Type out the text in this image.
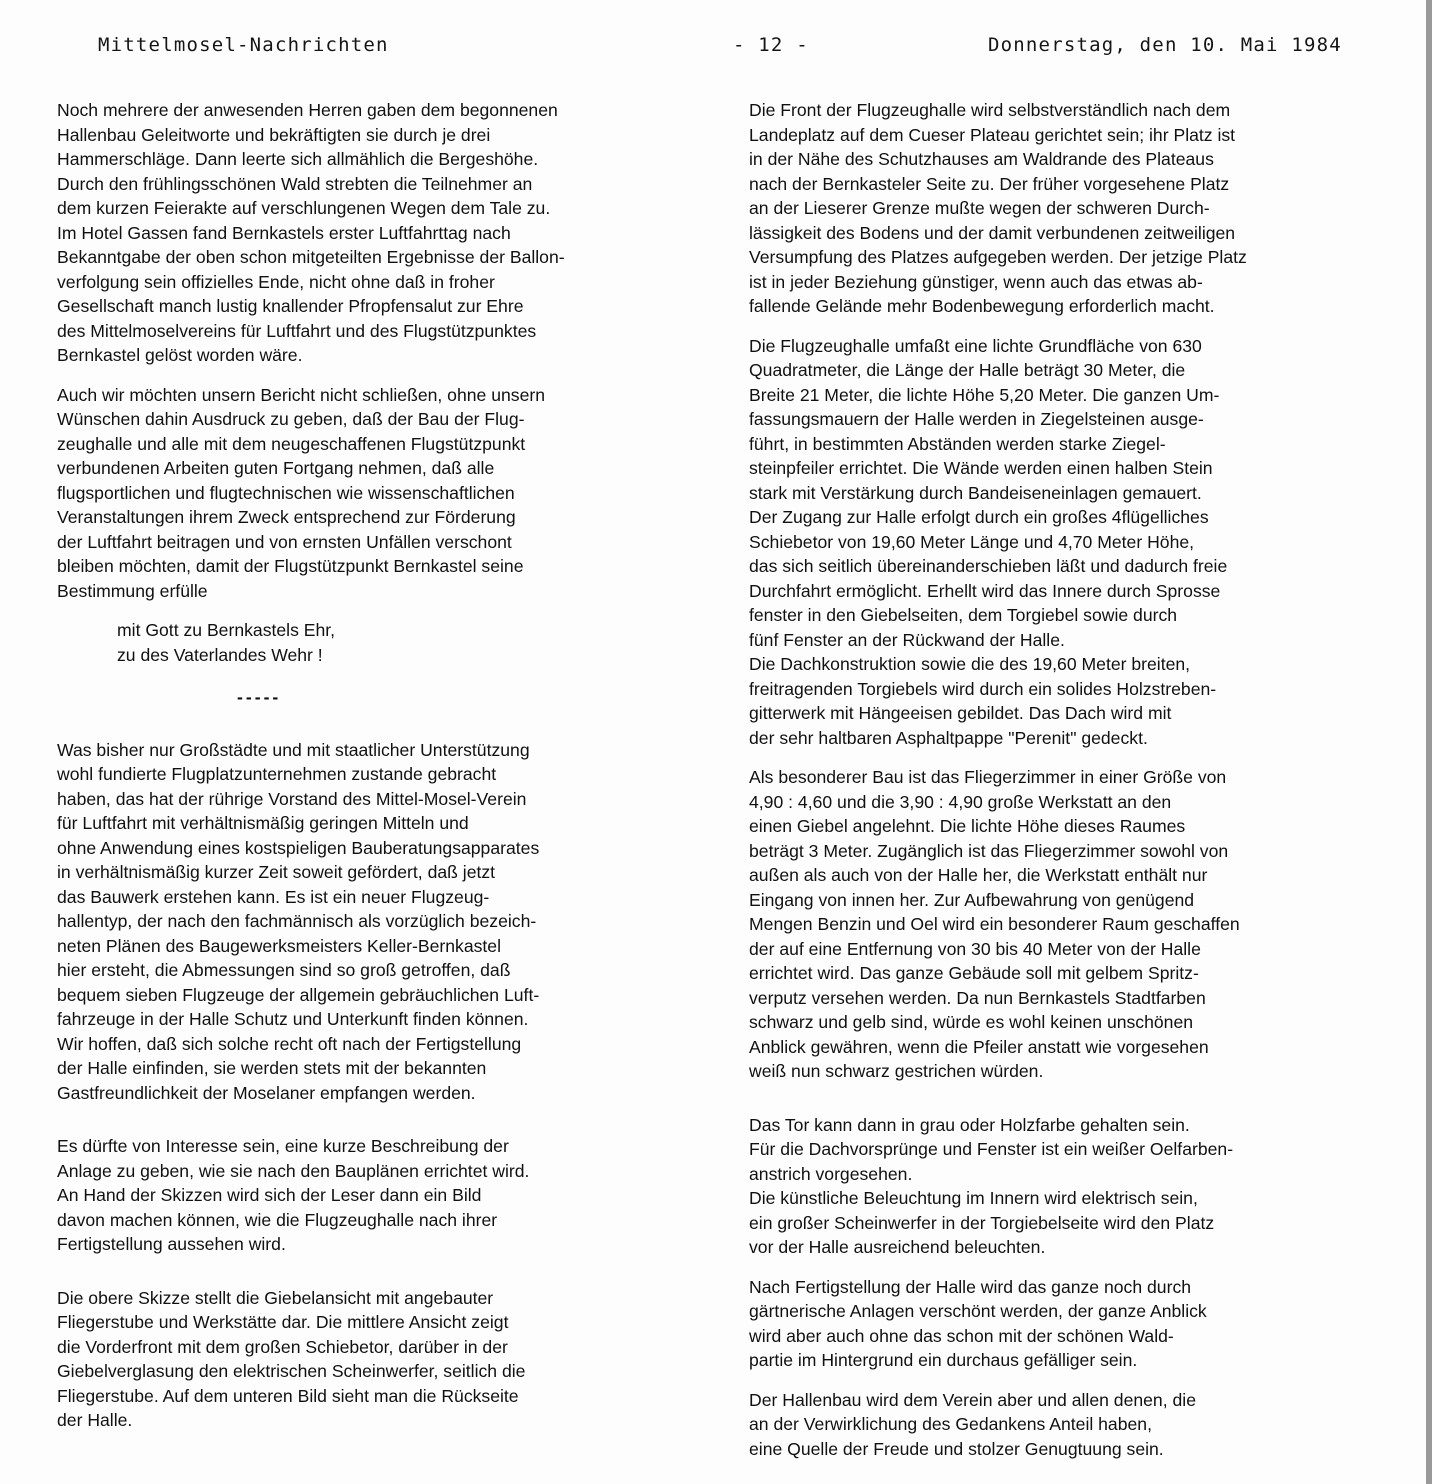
Mittelmosel-Nachrichten	- 12 -	Donnerstag, den 10. Mai 1984
Noch mehrere der anwesenden Herren gaben dem begonnenen
Hallenbau Geleitworte und bekräftigten sie durch je drei
Hammerschläge. Dann leerte sich allmählich die Bergeshöhe.
Durch den frühlingsschönen Wald strebten die Teilnehmer an
dem kurzen Feierakte auf verschlungenen Wegen dem Tale zu.
Im Hotel Gassen fand Bernkastels erster Luftfahrttag nach
Bekanntgabe der oben schon mitgeteilten Ergebnisse der Ballon-
verfolgung sein offizielles Ende, nicht ohne daß in froher
Gesellschaft manch lustig knallender Pfropfensalut zur Ehre
des Mittelmoselvereins für Luftfahrt und des Flugstützpunktes
Bernkastel gelöst worden wäre.
Auch wir möchten unsern Bericht nicht schließen, ohne unsern
Wünschen dahin Ausdruck zu geben, daß der Bau der Flug-
zeughalle und alle mit dem neugeschaffenen Flugstützpunkt
verbundenen Arbeiten guten Fortgang nehmen, daß alle
flugsportlichen und flugtechnischen wie wissenschaftlichen
Veranstaltungen ihrem Zweck entsprechend zur Förderung
der Luftfahrt beitragen und von ernsten Unfällen verschont
bleiben möchten, damit der Flugstützpunkt Bernkastel seine
Bestimmung erfülle
mit Gott zu Bernkastels Ehr,
zu des Vaterlandes Wehr !
-----
Was bisher nur Großstädte und mit staatlicher Unterstützung
wohl fundierte Flugplatzunternehmen zustande gebracht
haben, das hat der rührige Vorstand des Mittel-Mosel-Verein
für Luftfahrt mit verhältnismäßig geringen Mitteln und
ohne Anwendung eines kostspieligen Bauberatungsapparates
in verhältnismäßig kurzer Zeit soweit gefördert, daß jetzt
das Bauwerk erstehen kann. Es ist ein neuer Flugzeug-
hallentyp, der nach den fachmännisch als vorzüglich bezeich-
neten Plänen des Baugewerksmeisters Keller-Bernkastel
hier ersteht, die Abmessungen sind so groß getroffen, daß
bequem sieben Flugzeuge der allgemein gebräuchlichen Luft-
fahrzeuge in der Halle Schutz und Unterkunft finden können.
Wir hoffen, daß sich solche recht oft nach der Fertigstellung
der Halle einfinden, sie werden stets mit der bekannten
Gastfreundlichkeit der Moselaner empfangen werden.
Es dürfte von Interesse sein, eine kurze Beschreibung der
Anlage zu geben, wie sie nach den Bauplänen errichtet wird.
An Hand der Skizzen wird sich der Leser dann ein Bild
davon machen können, wie die Flugzeughalle nach ihrer
Fertigstellung aussehen wird.
Die obere Skizze stellt die Giebelansicht mit angebauter
Fliegerstube und Werkstätte dar. Die mittlere Ansicht zeigt
die Vorderfront mit dem großen Schiebetor, darüber in der
Giebelverglasung den elektrischen Scheinwerfer, seitlich die
Fliegerstube. Auf dem unteren Bild sieht man die Rückseite
der Halle.
Die Front der Flugzeughalle wird selbstverständlich nach dem
Landeplatz auf dem Cueser Plateau gerichtet sein; ihr Platz ist
in der Nähe des Schutzhauses am Waldrande des Plateaus
nach der Bernkasteler Seite zu. Der früher vorgesehene Platz
an der Lieserer Grenze mußte wegen der schweren Durch-
lässigkeit des Bodens und der damit verbundenen zeitweiligen
Versumpfung des Platzes aufgegeben werden. Der jetzige Platz
ist in jeder Beziehung günstiger, wenn auch das etwas ab-
fallende Gelände mehr Bodenbewegung erforderlich macht.
Die Flugzeughalle umfaßt eine lichte Grundfläche von 630
Quadratmeter, die Länge der Halle beträgt 30 Meter, die
Breite 21 Meter, die lichte Höhe 5,20 Meter. Die ganzen Um-
fassungsmauern der Halle werden in Ziegelsteinen ausge-
führt, in bestimmten Abständen werden starke Ziegel-
steinpfeiler errichtet. Die Wände werden einen halben Stein
stark mit Verstärkung durch Bandeiseneinlagen gemauert.
Der Zugang zur Halle erfolgt durch ein großes 4flügelliches
Schiebetor von 19,60 Meter Länge und 4,70 Meter Höhe,
das sich seitlich übereinanderschieben läßt und dadurch freie
Durchfahrt ermöglicht. Erhellt wird das Innere durch Sprosse
fenster in den Giebelseiten, dem Torgiebel sowie durch
fünf Fenster an der Rückwand der Halle.
Die Dachkonstruktion sowie die des 19,60 Meter breiten,
freitragenden Torgiebels wird durch ein solides Holzstreben-
gitterwerk mit Hängeeisen gebildet. Das Dach wird mit
der sehr haltbaren Asphaltpappe "Perenit" gedeckt.
Als besonderer Bau ist das Fliegerzimmer in einer Größe von
4,90 : 4,60 und die 3,90 : 4,90 große Werkstatt an den
einen Giebel angelehnt. Die lichte Höhe dieses Raumes
beträgt 3 Meter. Zugänglich ist das Fliegerzimmer sowohl von
außen als auch von der Halle her, die Werkstatt enthält nur
Eingang von innen her. Zur Aufbewahrung von genügend
Mengen Benzin und Oel wird ein besonderer Raum geschaffen
der auf eine Entfernung von 30 bis 40 Meter von der Halle
errichtet wird. Das ganze Gebäude soll mit gelbem Spritz-
verputz versehen werden. Da nun Bernkastels Stadtfarben
schwarz und gelb sind, würde es wohl keinen unschönen
Anblick gewähren, wenn die Pfeiler anstatt wie vorgesehen
weiß nun schwarz gestrichen würden.
Das Tor kann dann in grau oder Holzfarbe gehalten sein.
Für die Dachvorsprünge und Fenster ist ein weißer Oelfarben-
anstrich vorgesehen.
Die künstliche Beleuchtung im Innern wird elektrisch sein,
ein großer Scheinwerfer in der Torgiebelseite wird den Platz
vor der Halle ausreichend beleuchten.
Nach Fertigstellung der Halle wird das ganze noch durch
gärtnerische Anlagen verschönt werden, der ganze Anblick
wird aber auch ohne das schon mit der schönen Wald-
partie im Hintergrund ein durchaus gefälliger sein.
Der Hallenbau wird dem Verein aber und allen denen, die
an der Verwirklichung des Gedankens Anteil haben,
eine Quelle der Freude und stolzer Genugtuung sein.
